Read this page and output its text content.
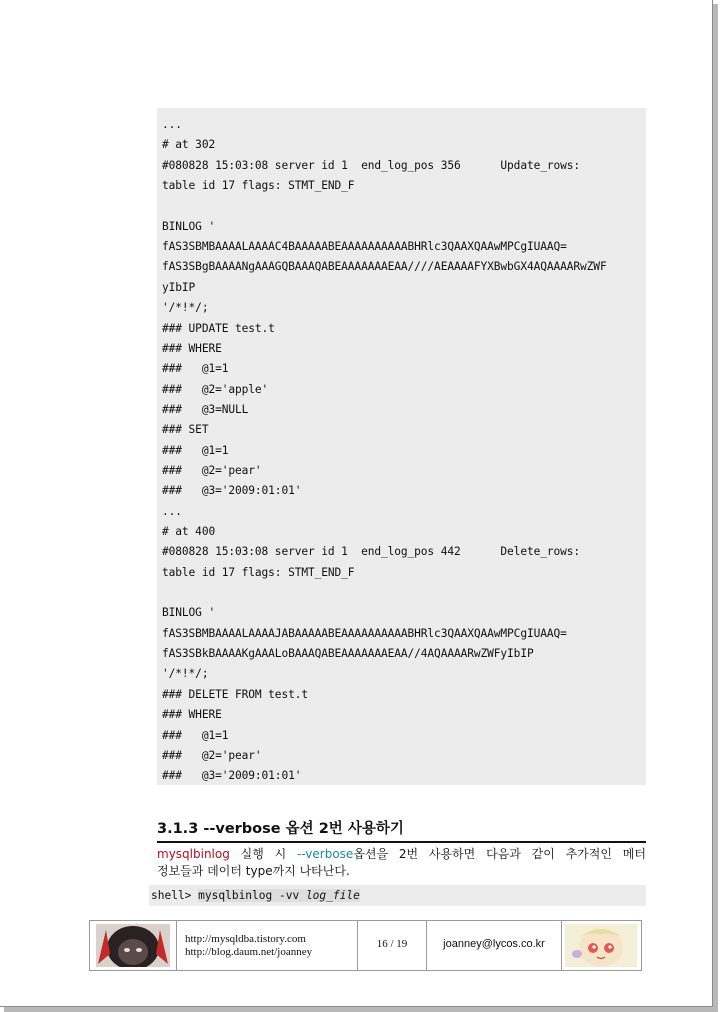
...
# at 302
#080828 15:03:08 server id 1  end_log_pos 356      Update_rows:
table id 17 flags: STMT_END_F
BINLOG '
fAS3SBMBAAAALAAAAC4BAAAAABEAAAAAAAAAABHRlc3QAAXQAAwMPCgIUAAQ=
fAS3SBgBAAAANgAAAGQBAAAQABEAAAAAAAEAA////AEAAAAFYXBwbGX4AQAAAARwZWF
yIbIP
'/*!*/;
### UPDATE test.t
### WHERE
###   @1=1
###   @2='apple'
###   @3=NULL
### SET
###   @1=1
###   @2='pear'
###   @3='2009:01:01'
...
# at 400
#080828 15:03:08 server id 1  end_log_pos 442      Delete_rows:
table id 17 flags: STMT_END_F
BINLOG '
fAS3SBMBAAAALAAAAJABAAAAABEAAAAAAAAAABHRlc3QAAXQAAwMPCgIUAAQ=
fAS3SBkBAAAAKgAAALoBAAAQABEAAAAAAAEAA//4AQAAAARwZWFyIbIP
'/*!*/;
### DELETE FROM test.t
### WHERE
###   @1=1
###   @2='pear'
###   @3='2009:01:01'
3.1.3 --verbose 옵션 2번 사용하기
mysqlbinlog 실행 시 --verbose옵션을 2번 사용하면 다음과 같이 추가적인 메터
정보들과 데이터 type까지 나타난다.
shell> mysqlbinlog -vv log_file
http://mysqldba.tistory.com
http://blog.daum.net/joanney
16 / 19	joanney@lycos.co.kr
